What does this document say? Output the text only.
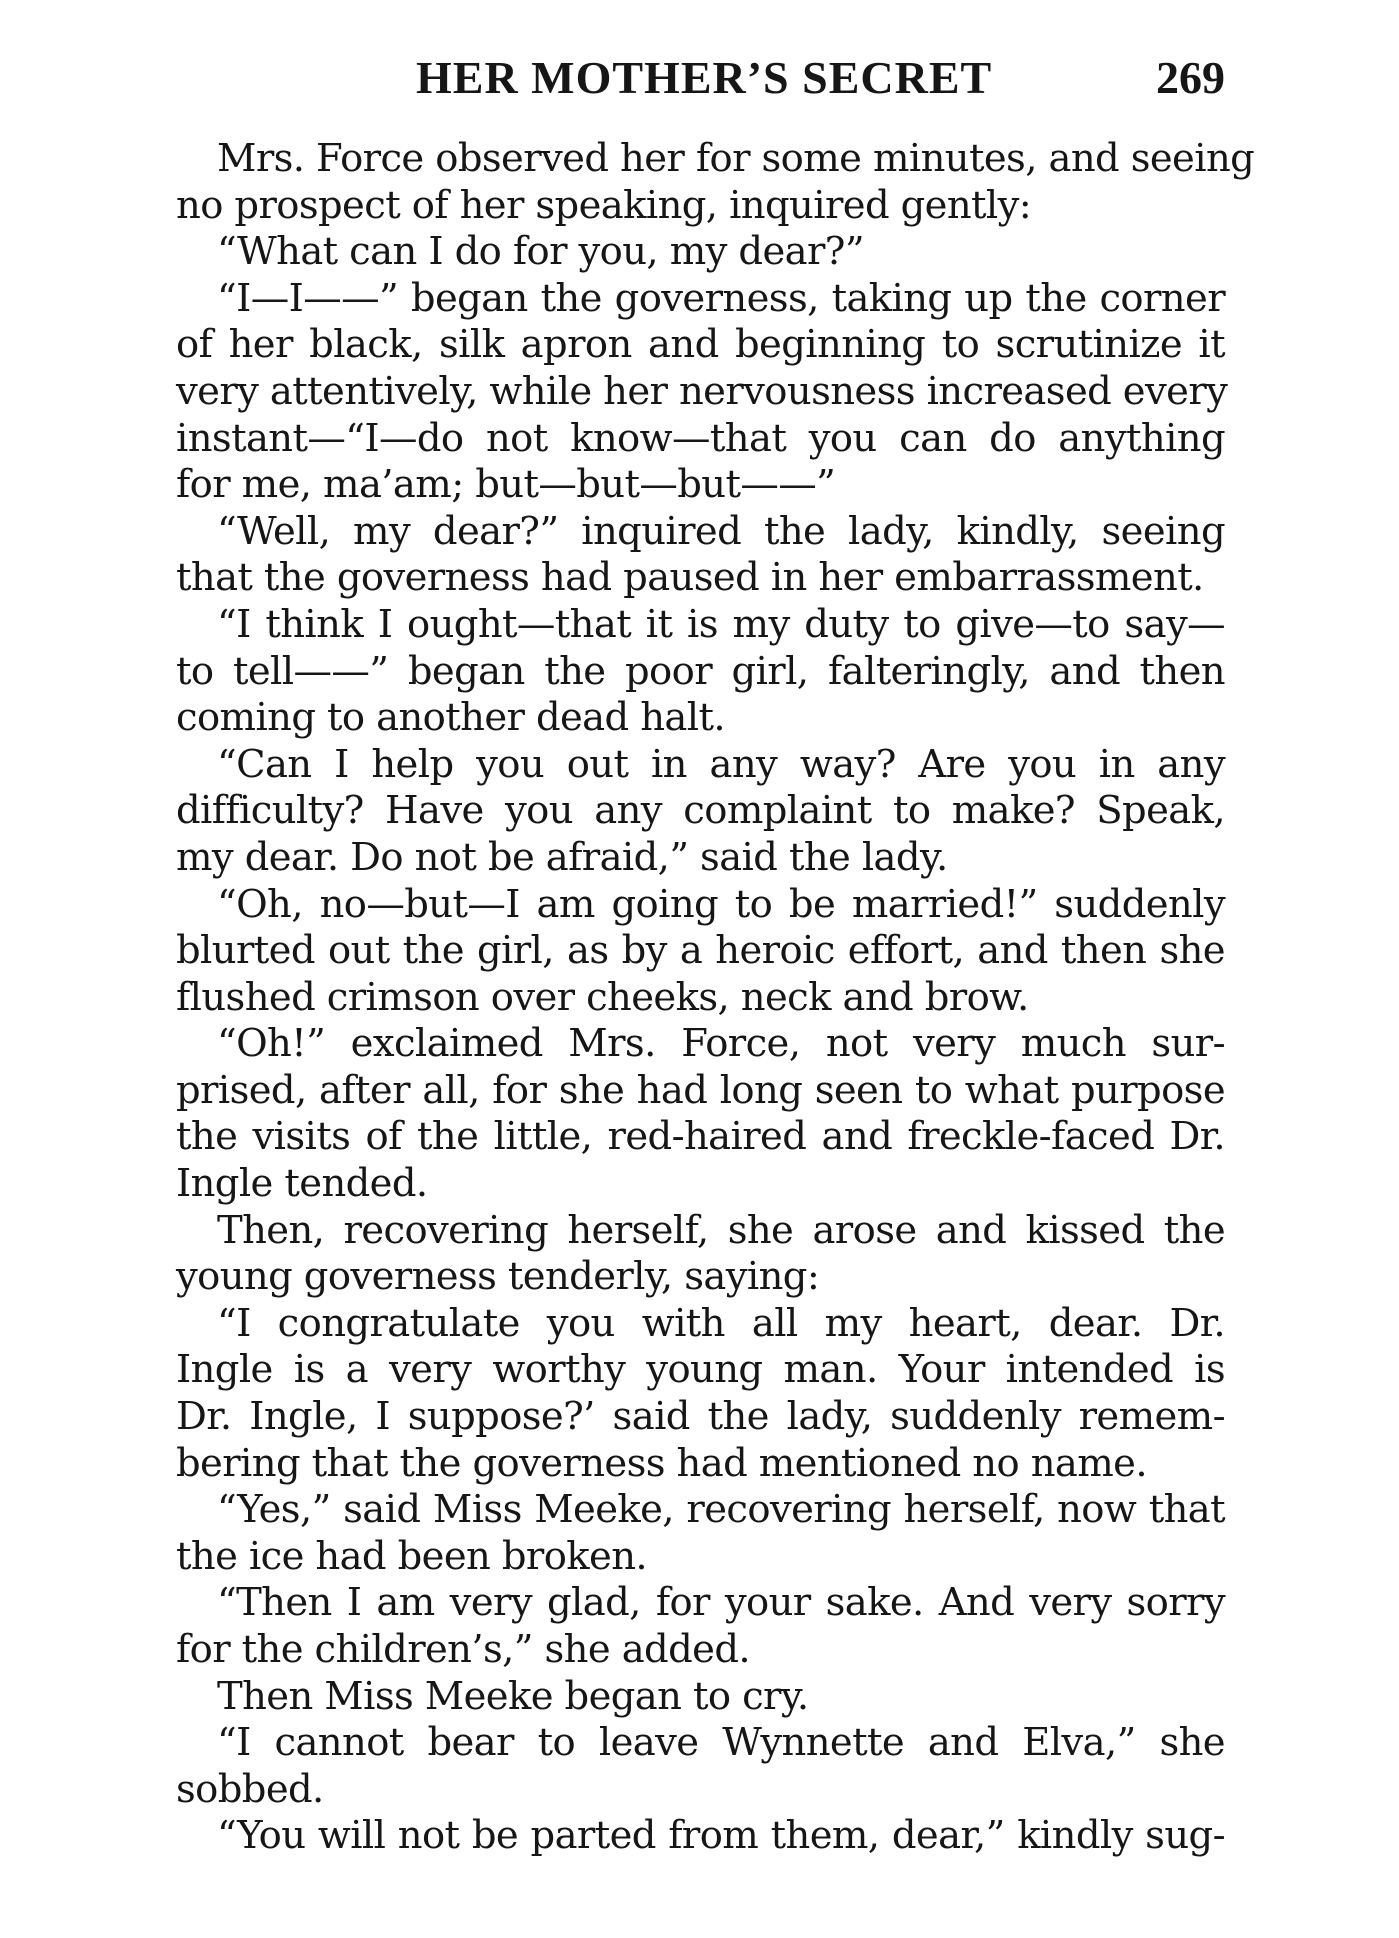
HER MOTHER’S SECRET	269
Mrs. Force observed her for some minutes, and seeing
no prospect of her speaking, inquired gently:
“What can I do for you, my dear?”
“I—I——” began the governess, taking up the corner
of her black, silk apron and beginning to scrutinize it
very attentively, while her nervousness increased every
instant—“I—do not know—that you can do anything
for me, ma’am; but—but—but——”
“Well, my dear?” inquired the lady, kindly, seeing
that the governess had paused in her embarrassment.
“I think I ought—that it is my duty to give—to say—
to tell——” began the poor girl, falteringly, and then
coming to another dead halt.
“Can I help you out in any way? Are you in any
difficulty? Have you any complaint to make? Speak,
my dear. Do not be afraid,” said the lady.
“Oh, no—but—I am going to be married!” suddenly
blurted out the girl, as by a heroic effort, and then she
flushed crimson over cheeks, neck and brow.
“Oh!” exclaimed Mrs. Force, not very much sur-
prised, after all, for she had long seen to what purpose
the visits of the little, red-haired and freckle-faced Dr.
Ingle tended.
Then, recovering herself, she arose and kissed the
young governess tenderly, saying:
“I congratulate you with all my heart, dear. Dr.
Ingle is a very worthy young man. Your intended is
Dr. Ingle, I suppose?’ said the lady, suddenly remem-
bering that the governess had mentioned no name.
“Yes,” said Miss Meeke, recovering herself, now that
the ice had been broken.
“Then I am very glad, for your sake. And very sorry
for the children’s,” she added.
Then Miss Meeke began to cry.
“I cannot bear to leave Wynnette and Elva,” she
sobbed.
“You will not be parted from them, dear,” kindly sug-
